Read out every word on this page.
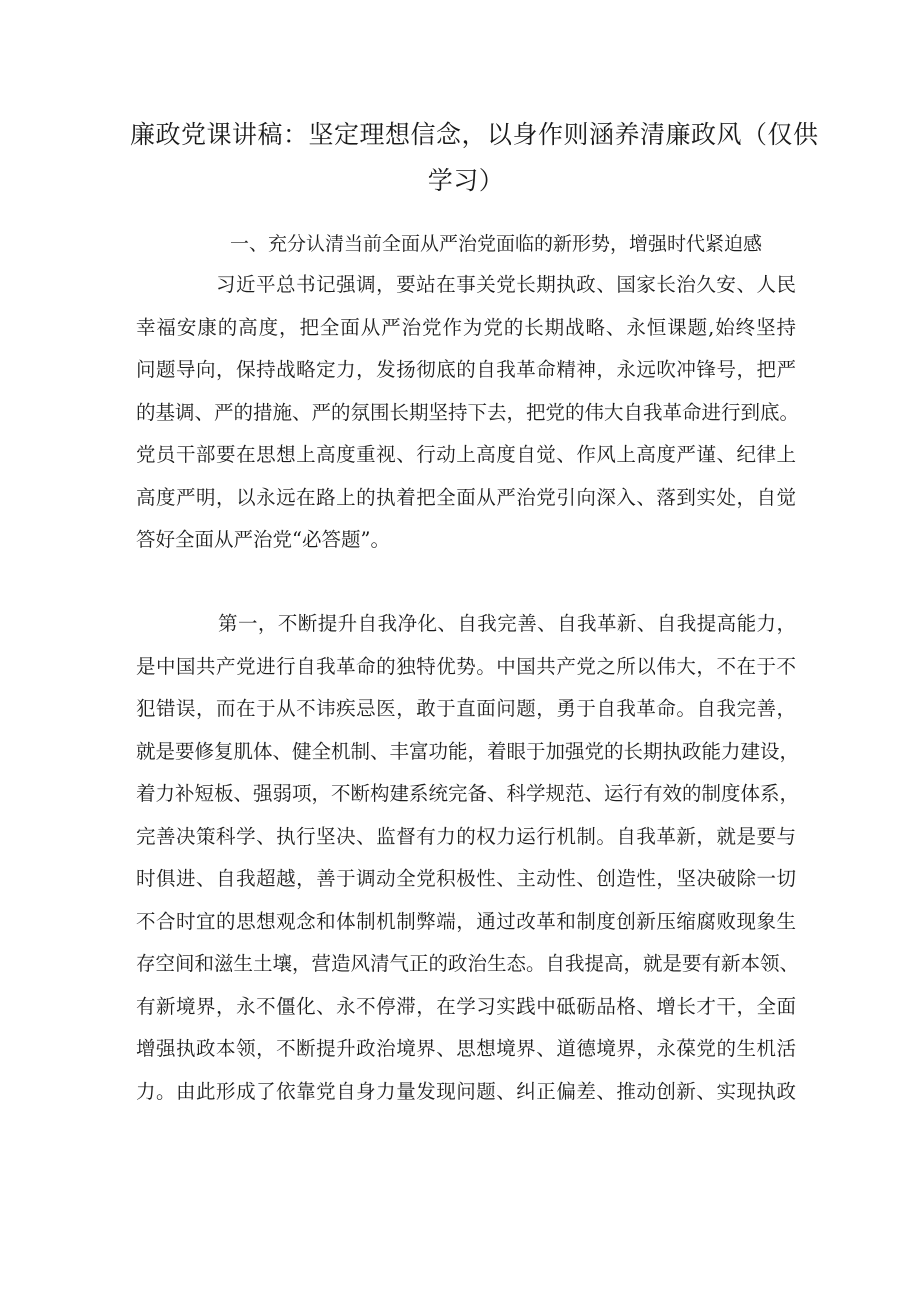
廉政党课讲稿：坚定理想信念，以身作则涵养清廉政风（仅供
学习）
一、充分认清当前全面从严治党面临的新形势，增强时代紧迫感
习近平总书记强调，要站在事关党长期执政、国家长治久安、人民
幸福安康的高度，把全面从严治党作为党的长期战略、永恒课题,始终坚持
问题导向，保持战略定力，发扬彻底的自我革命精神，永远吹冲锋号，把严
的基调、严的措施、严的氛围长期坚持下去，把党的伟大自我革命进行到底。
党员干部要在思想上高度重视、行动上高度自觉、作风上高度严谨、纪律上
高度严明，以永远在路上的执着把全面从严治党引向深入、落到实处，自觉
答好全面从严治党“必答题”。
第一，不断提升自我净化、自我完善、自我革新、自我提高能力，
是中国共产党进行自我革命的独特优势。中国共产党之所以伟大，不在于不
犯错误，而在于从不讳疾忌医，敢于直面问题，勇于自我革命。自我完善，
就是要修复肌体、健全机制、丰富功能，着眼于加强党的长期执政能力建设，
着力补短板、强弱项，不断构建系统完备、科学规范、运行有效的制度体系，
完善决策科学、执行坚决、监督有力的权力运行机制。自我革新，就是要与
时俱进、自我超越，善于调动全党积极性、主动性、创造性，坚决破除一切
不合时宜的思想观念和体制机制弊端，通过改革和制度创新压缩腐败现象生
存空间和滋生土壤，营造风清气正的政治生态。自我提高，就是要有新本领、
有新境界，永不僵化、永不停滞，在学习实践中砥砺品格、增长才干，全面
增强执政本领，不断提升政治境界、思想境界、道德境界，永葆党的生机活
力。由此形成了依靠党自身力量发现问题、纠正偏差、推动创新、实现执政
